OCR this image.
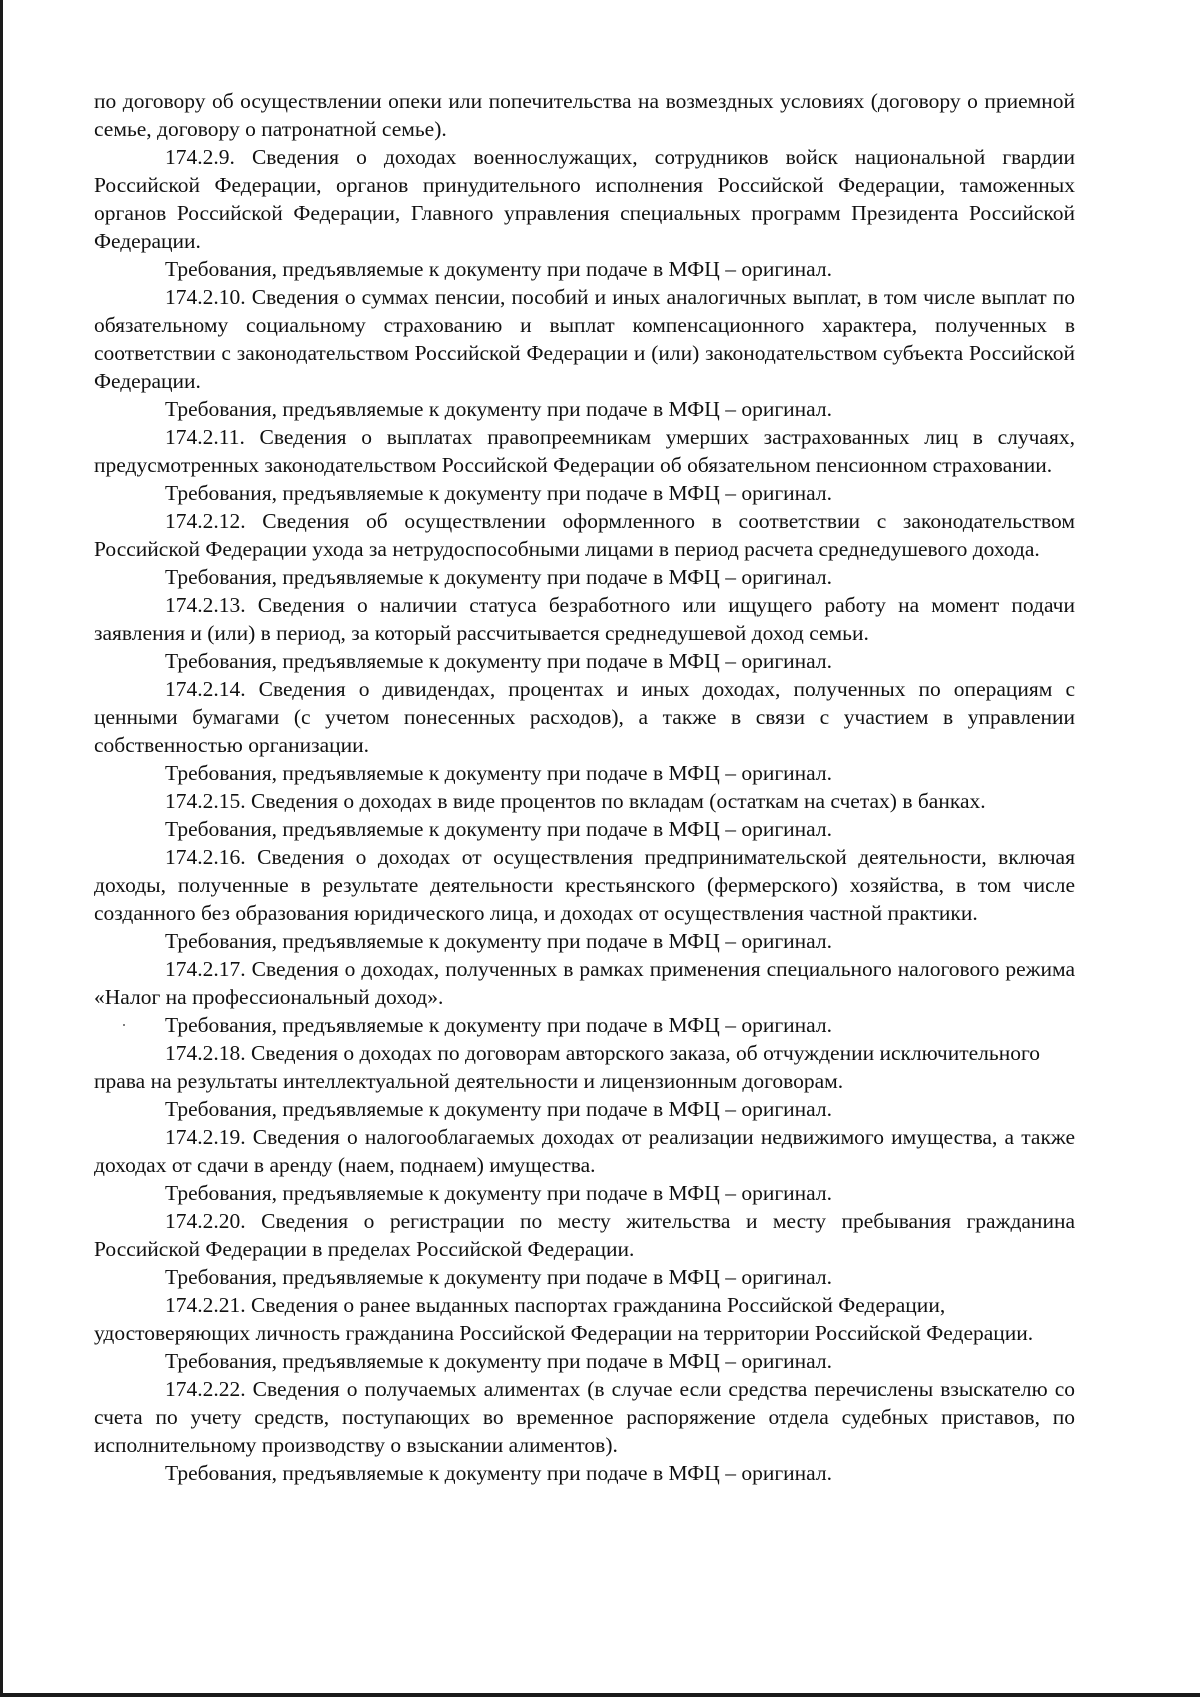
по договору об осуществлении опеки или попечительства на возмездных условиях (договору о приемной семье, договору о патронатной семье).

174.2.9. Сведения о доходах военнослужащих, сотрудников войск национальной гвардии Российской Федерации, органов принудительного исполнения Российской Федерации, таможенных органов Российской Федерации, Главного управления специальных программ Президента Российской Федерации.

Требования, предъявляемые к документу при подаче в МФЦ – оригинал.

174.2.10. Сведения о суммах пенсии, пособий и иных аналогичных выплат, в том числе выплат по обязательному социальному страхованию и выплат компенсационного характера, полученных в соответствии с законодательством Российской Федерации и (или) законодательством субъекта Российской Федерации.

Требования, предъявляемые к документу при подаче в МФЦ – оригинал.

174.2.11. Сведения о выплатах правопреемникам умерших застрахованных лиц в случаях, предусмотренных законодательством Российской Федерации об обязательном пенсионном страховании.

Требования, предъявляемые к документу при подаче в МФЦ – оригинал.

174.2.12. Сведения об осуществлении оформленного в соответствии с законодательством Российской Федерации ухода за нетрудоспособными лицами в период расчета среднедушевого дохода.

Требования, предъявляемые к документу при подаче в МФЦ – оригинал.

174.2.13. Сведения о наличии статуса безработного или ищущего работу на момент подачи заявления и (или) в период, за который рассчитывается среднедушевой доход семьи.

Требования, предъявляемые к документу при подаче в МФЦ – оригинал.

174.2.14. Сведения о дивидендах, процентах и иных доходах, полученных по операциям с ценными бумагами (с учетом понесенных расходов), а также в связи с участием в управлении собственностью организации.

Требования, предъявляемые к документу при подаче в МФЦ – оригинал.

174.2.15. Сведения о доходах в виде процентов по вкладам (остаткам на счетах) в банках.

Требования, предъявляемые к документу при подаче в МФЦ – оригинал.

174.2.16. Сведения о доходах от осуществления предпринимательской деятельности, включая доходы, полученные в результате деятельности крестьянского (фермерского) хозяйства, в том числе созданного без образования юридического лица, и доходах от осуществления частной практики.

Требования, предъявляемые к документу при подаче в МФЦ – оригинал.

174.2.17. Сведения о доходах, полученных в рамках применения специального налогового режима «Налог на профессиональный доход».

Требования, предъявляемые к документу при подаче в МФЦ – оригинал.

174.2.18. Сведения о доходах по договорам авторского заказа, об отчуждении исключительного права на результаты интеллектуальной деятельности и лицензионным договорам.

Требования, предъявляемые к документу при подаче в МФЦ – оригинал.

174.2.19. Сведения о налогооблагаемых доходах от реализации недвижимого имущества, а также доходах от сдачи в аренду (наем, поднаем) имущества.

Требования, предъявляемые к документу при подаче в МФЦ – оригинал.

174.2.20. Сведения о регистрации по месту жительства и месту пребывания гражданина Российской Федерации в пределах Российской Федерации.

Требования, предъявляемые к документу при подаче в МФЦ – оригинал.

174.2.21. Сведения о ранее выданных паспортах гражданина Российской Федерации, удостоверяющих личность гражданина Российской Федерации на территории Российской Федерации.

Требования, предъявляемые к документу при подаче в МФЦ – оригинал.

174.2.22. Сведения о получаемых алиментах (в случае если средства перечислены взыскателю со счета по учету средств, поступающих во временное распоряжение отдела судебных приставов, по исполнительному производству о взыскании алиментов).

Требования, предъявляемые к документу при подаче в МФЦ – оригинал.
